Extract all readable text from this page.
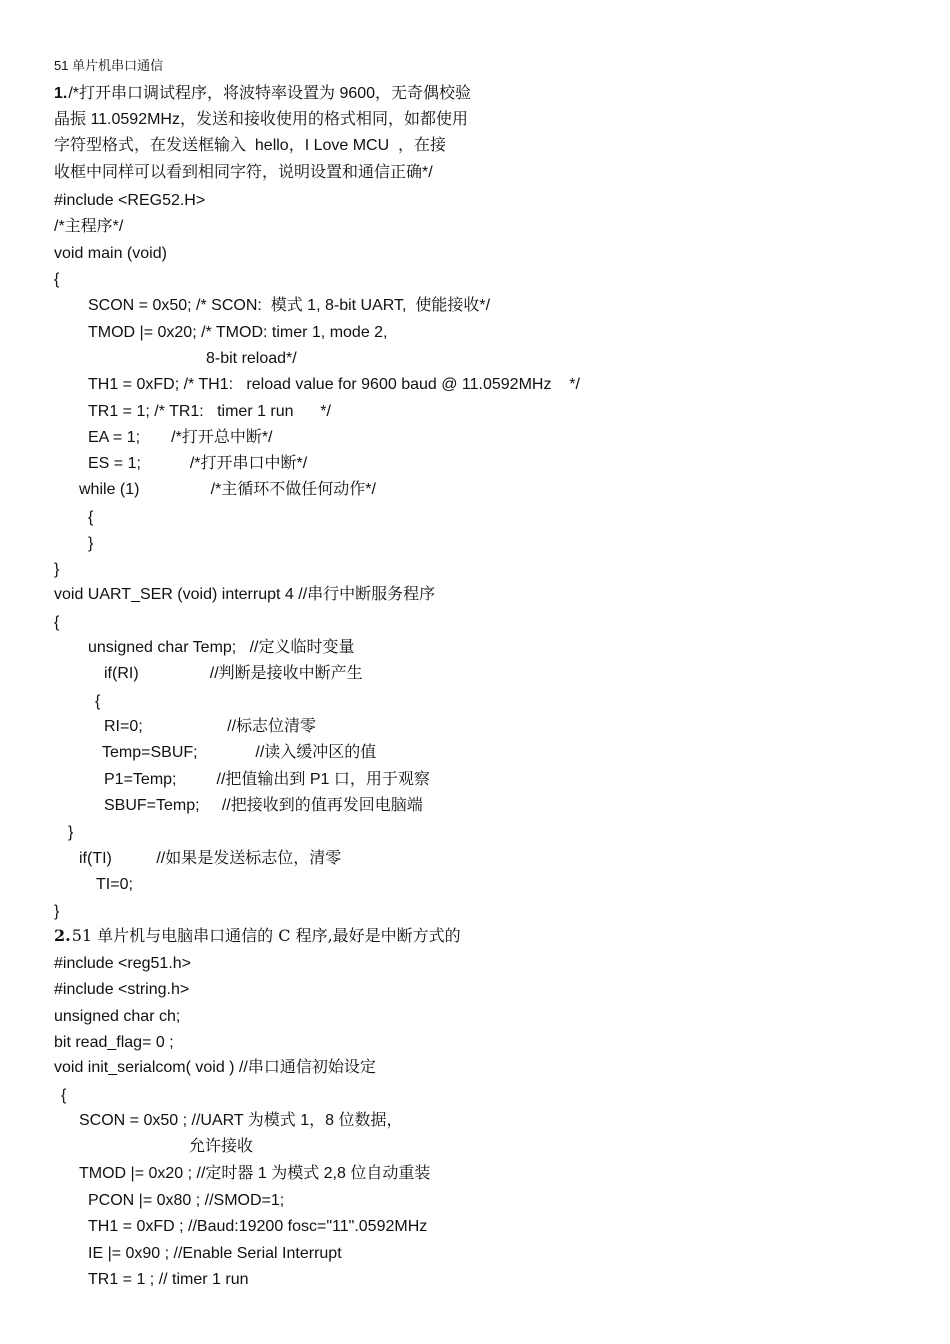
51 单片机串口通信
1./*打开串口调试程序，将波特率设置为 9600，无奇偶校验
晶振 11.0592MHz，发送和接收使用的格式相同，如都使用
字符型格式，在发送框输入  hello，I Love MCU  ，在接
收框中同样可以看到相同字符，说明设置和通信正确*/
#include <REG52.H>
/*主程序*/
void main (void)
{
SCON = 0x50; /* SCON:  模式 1, 8-bit UART,  使能接收*/
TMOD |= 0x20; /* TMOD: timer 1, mode 2,
8-bit reload*/
TH1 = 0xFD; /* TH1:   reload value for 9600 baud @ 11.0592MHz    */
TR1 = 1; /* TR1:   timer 1 run      */
EA = 1;       /*打开总中断*/
ES = 1;           /*打开串口中断*/
while (1)                /*主循环不做任何动作*/
{
}
}
void UART_SER (void) interrupt 4 //串行中断服务程序
{
unsigned char Temp;   //定义临时变量
if(RI)                //判断是接收中断产生
{
RI=0;                   //标志位清零
Temp=SBUF;             //读入缓冲区的值
P1=Temp;         //把值输出到 P1 口，用于观察
SBUF=Temp;     //把接收到的值再发回电脑端
}
if(TI)          //如果是发送标志位，清零
TI=0;
}
2.51 单片机与电脑串口通信的 C 程序,最好是中断方式的
#include <reg51.h>
#include <string.h>
unsigned char ch;
bit read_flag= 0 ;
void init_serialcom( void ) //串口通信初始设定
{
SCON = 0x50 ; //UART 为模式 1，8 位数据，
允许接收
TMOD |= 0x20 ; //定时器 1 为模式 2,8 位自动重装
PCON |= 0x80 ; //SMOD=1;
TH1 = 0xFD ; //Baud:19200 fosc="11".0592MHz
IE |= 0x90 ; //Enable Serial Interrupt
TR1 = 1 ; // timer 1 run
